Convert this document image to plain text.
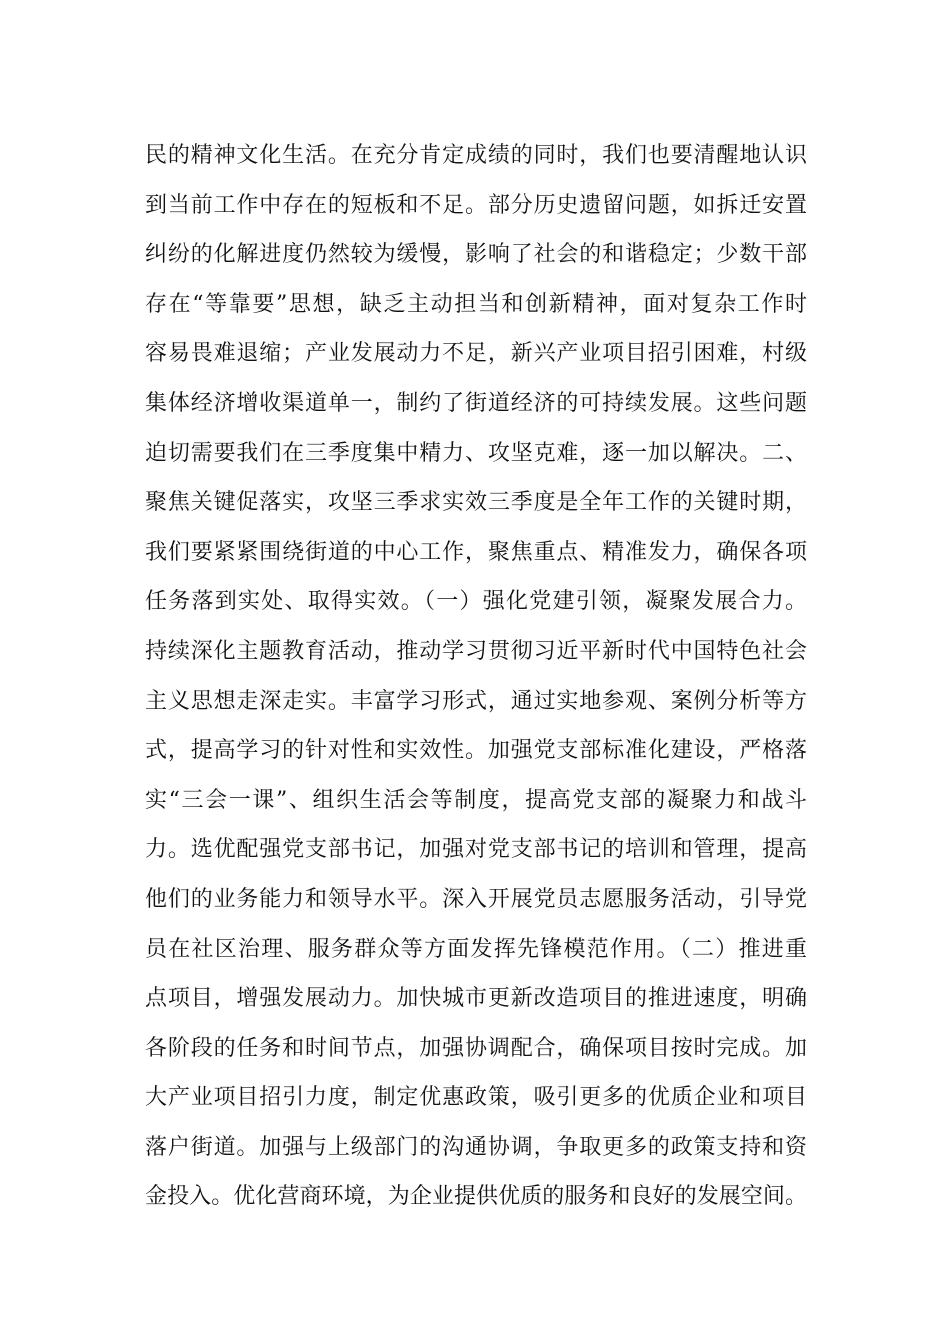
民的精神文化生活。在充分肯定成绩的同时，我们也要清醒地认识
到当前工作中存在的短板和不足。部分历史遗留问题，如拆迁安置
纠纷的化解进度仍然较为缓慢，影响了社会的和谐稳定；少数干部
存在“等靠要”思想，缺乏主动担当和创新精神，面对复杂工作时
容易畏难退缩；产业发展动力不足，新兴产业项目招引困难，村级
集体经济增收渠道单一，制约了街道经济的可持续发展。这些问题
迫切需要我们在三季度集中精力、攻坚克难，逐一加以解决。二、
聚焦关键促落实，攻坚三季求实效三季度是全年工作的关键时期，
我们要紧紧围绕街道的中心工作，聚焦重点、精准发力，确保各项
任务落到实处、取得实效。（一）强化党建引领，凝聚发展合力。
持续深化主题教育活动，推动学习贯彻习近平新时代中国特色社会
主义思想走深走实。丰富学习形式，通过实地参观、案例分析等方
式，提高学习的针对性和实效性。加强党支部标准化建设，严格落
实“三会一课”、组织生活会等制度，提高党支部的凝聚力和战斗
力。选优配强党支部书记，加强对党支部书记的培训和管理，提高
他们的业务能力和领导水平。深入开展党员志愿服务活动，引导党
员在社区治理、服务群众等方面发挥先锋模范作用。（二）推进重
点项目，增强发展动力。加快城市更新改造项目的推进速度，明确
各阶段的任务和时间节点，加强协调配合，确保项目按时完成。加
大产业项目招引力度，制定优惠政策，吸引更多的优质企业和项目
落户街道。加强与上级部门的沟通协调，争取更多的政策支持和资
金投入。优化营商环境，为企业提供优质的服务和良好的发展空间。
